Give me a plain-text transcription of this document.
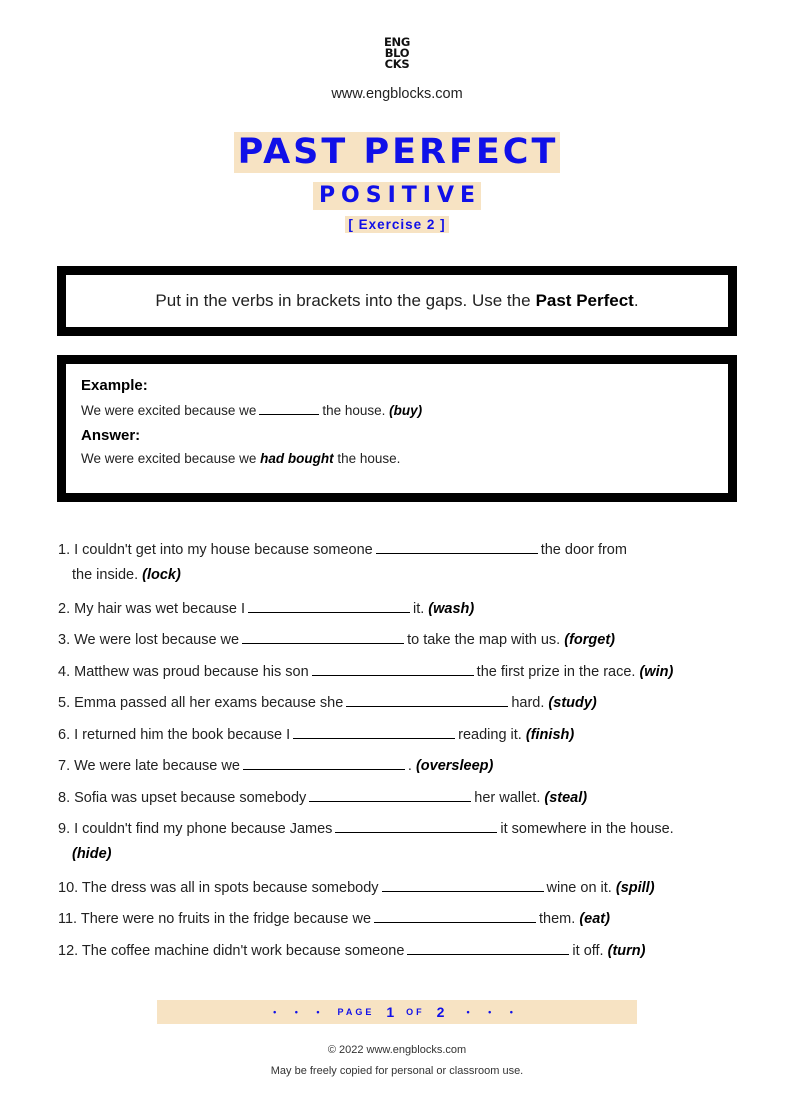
ENG
BLO
CKS
www.engblocks.com
PAST PERFECT
POSITIVE
[ Exercise 2 ]
Put in the verbs in brackets into the gaps. Use the Past Perfect .
Example:
We were excited because we	the house. (buy)
Answer:
We were excited because we had bought the house.
1. I couldn't get into my house because someone	the door from
the inside. (lock)
2. My hair was wet because I	it. (wash)
3. We were lost because we	to take the map with us. (forget)
4. Matthew was proud because his son	the first prize in the race. (win)
5. Emma passed all her exams because she	hard. (study)
6. I returned him the book because I	reading it. (finish)
7. We were late because we	. (oversleep)
8. Sofia was upset because somebody	her wallet. (steal)
9. I couldn't find my phone because James	it somewhere in the house.
(hide)
10. The dress was all in spots because somebody	wine on it. (spill)
11. There were no fruits in the fridge because we	them. (eat)
12. The coffee machine didn't work because someone	it off. (turn)
• • • PAGE 1 OF 2 • • •
© 2022 www.engblocks.com
May be freely copied for personal or classroom use.
